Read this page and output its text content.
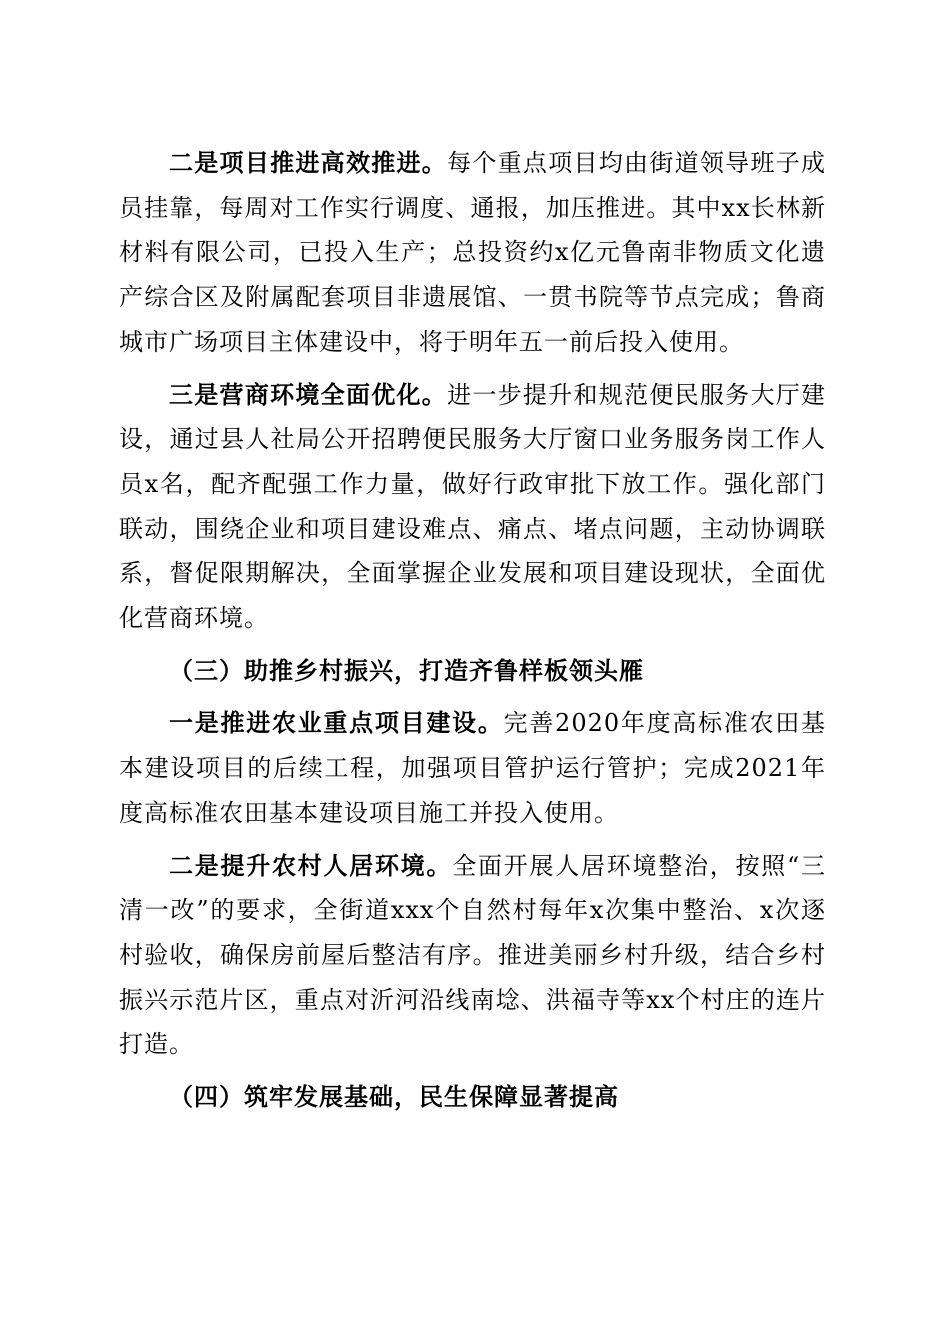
二是项目推进高效推进。每个重点项目均由街道领导班子成员挂靠，每周对工作实行调度、通报，加压推进。其中xx长林新材料有限公司，已投入生产；总投资约x亿元鲁南非物质文化遗产综合区及附属配套项目非遗展馆、一贯书院等节点完成；鲁商城市广场项目主体建设中，将于明年五一前后投入使用。

三是营商环境全面优化。进一步提升和规范便民服务大厅建设，通过县人社局公开招聘便民服务大厅窗口业务服务岗工作人员x名，配齐配强工作力量，做好行政审批下放工作。强化部门联动，围绕企业和项目建设难点、痛点、堵点问题，主动协调联系，督促限期解决，全面掌握企业发展和项目建设现状，全面优化营商环境。

（三）助推乡村振兴，打造齐鲁样板领头雁

一是推进农业重点项目建设。完善2020年度高标准农田基本建设项目的后续工程，加强项目管护运行管护；完成2021年度高标准农田基本建设项目施工并投入使用。

二是提升农村人居环境。全面开展人居环境整治，按照“三清一改”的要求，全街道xxx个自然村每年x次集中整治、x次逐村验收，确保房前屋后整洁有序。推进美丽乡村升级，结合乡村振兴示范片区，重点对沂河沿线南埝、洪福寺等xx个村庄的连片打造。

（四）筑牢发展基础，民生保障显著提高
